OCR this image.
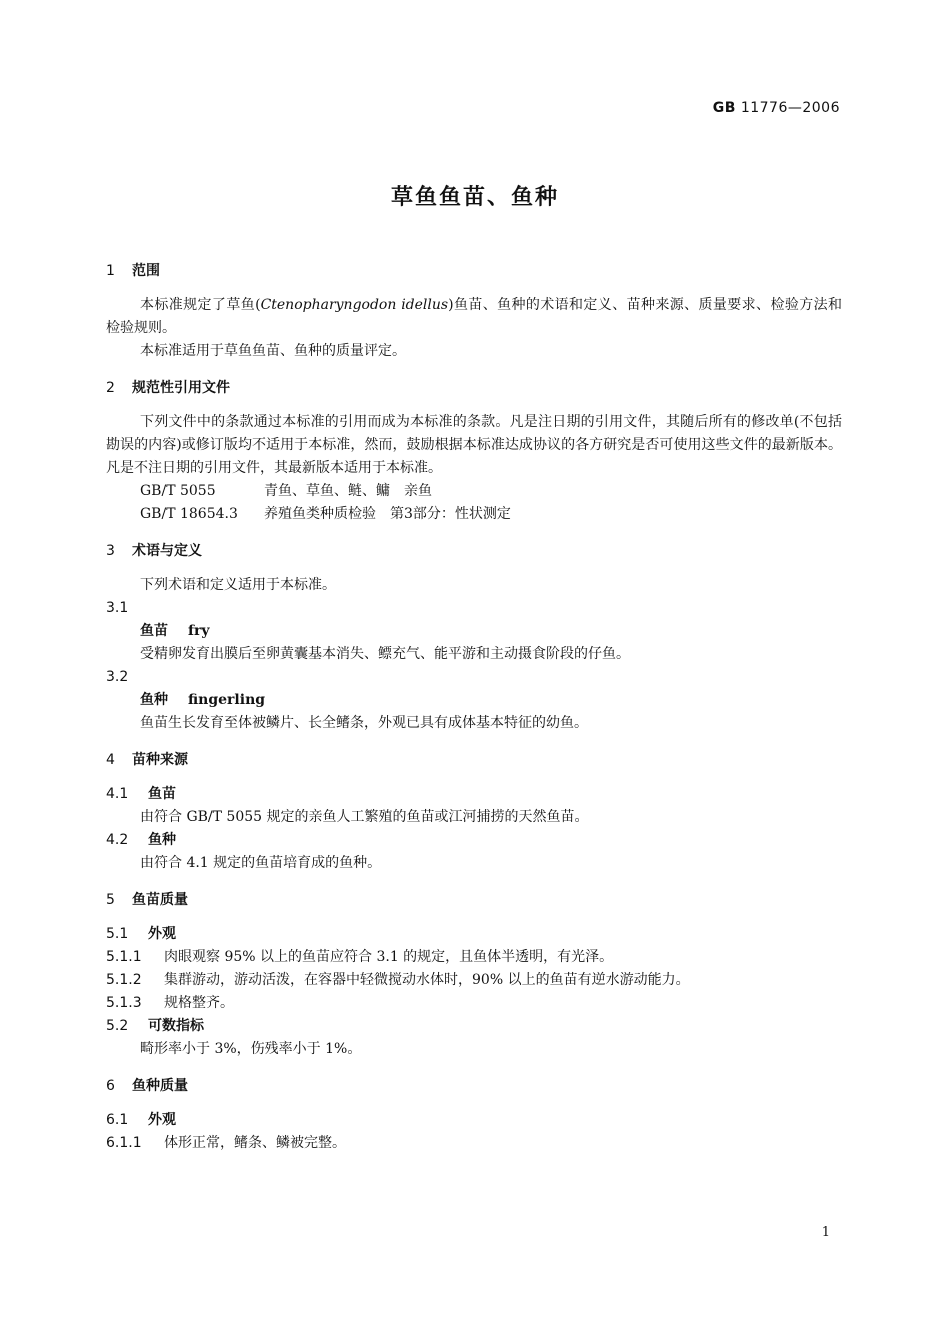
GB 11776—2006
草鱼鱼苗、鱼种

1 范围

本标准规定了草鱼(Ctenopharyngodon idellus)鱼苗、鱼种的术语和定义、苗种来源、质量要求、检验方法和检验规则。

本标准适用于草鱼鱼苗、鱼种的质量评定。

2 规范性引用文件

下列文件中的条款通过本标准的引用而成为本标准的条款。凡是注日期的引用文件，其随后所有的修改单(不包括勘误的内容)或修订版均不适用于本标准，然而，鼓励根据本标准达成协议的各方研究是否可使用这些文件的最新版本。凡是不注日期的引用文件，其最新版本适用于本标准。

GB/T 5055	青鱼、草鱼、鲢、鳙　亲鱼

GB/T 18654.3 养殖鱼类种质检验　第3部分：性状测定

3 术语与定义

下列术语和定义适用于本标准。

3.1

鱼苗 fry

受精卵发育出膜后至卵黄囊基本消失、鳔充气、能平游和主动摄食阶段的仔鱼。

3.2

鱼种 fingerling

鱼苗生长发育至体被鳞片、长全鳍条，外观已具有成体基本特征的幼鱼。

4 苗种来源

4.1 鱼苗

由符合 GB/T 5055 规定的亲鱼人工繁殖的鱼苗或江河捕捞的天然鱼苗。

4.2 鱼种

由符合 4.1 规定的鱼苗培育成的鱼种。

5 鱼苗质量

5.1 外观

5.1.1 肉眼观察 95% 以上的鱼苗应符合 3.1 的规定，且鱼体半透明，有光泽。

5.1.2 集群游动，游动活泼，在容器中轻微搅动水体时，90% 以上的鱼苗有逆水游动能力。

5.1.3 规格整齐。

5.2 可数指标

畸形率小于 3%，伤残率小于 1%。

6 鱼种质量

6.1 外观

6.1.1 体形正常，鳍条、鳞被完整。

1
